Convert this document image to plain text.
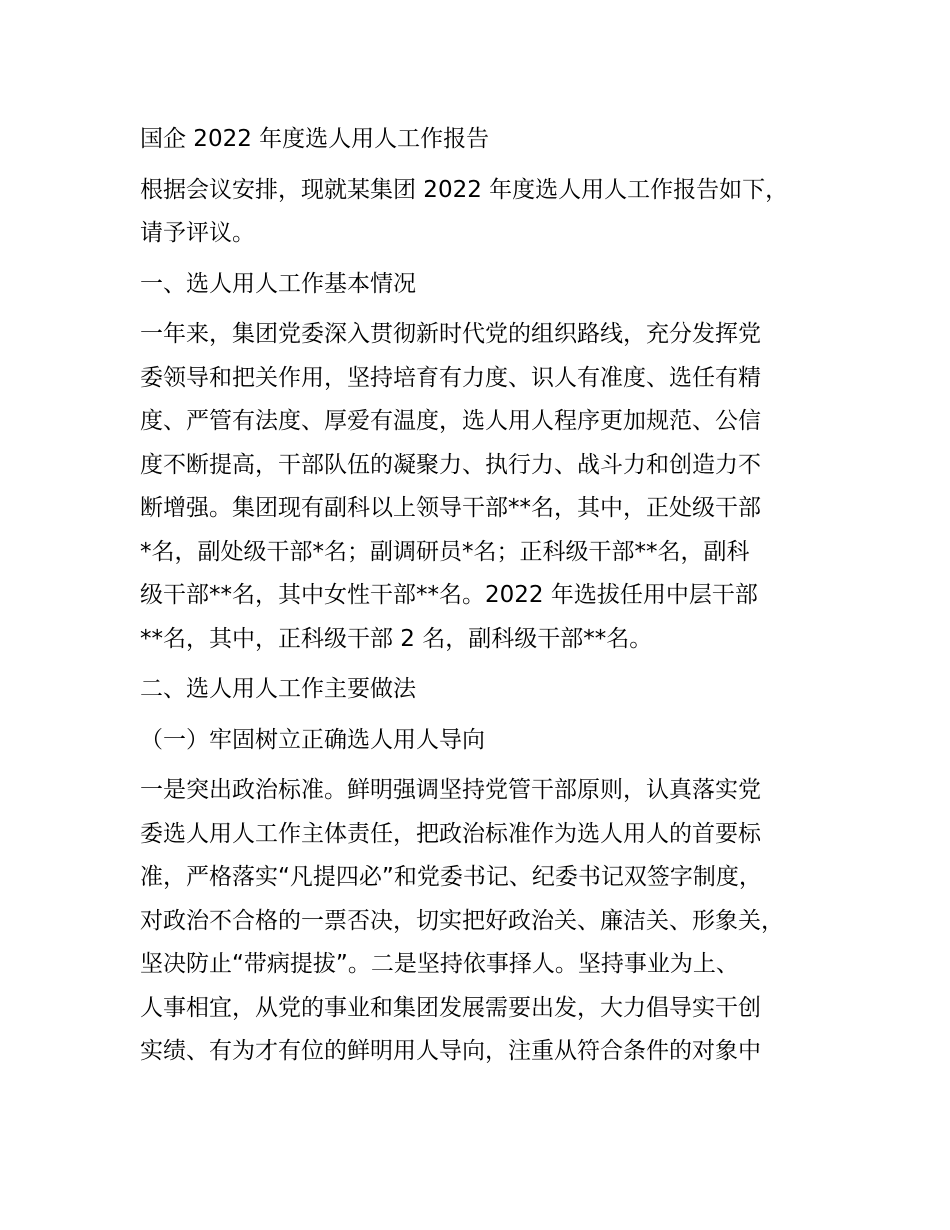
国企 2022 年度选人用人工作报告
根据会议安排，现就某集团 2022 年度选人用人工作报告如下，
请予评议。
一、选人用人工作基本情况
一年来，集团党委深入贯彻新时代党的组织路线，充分发挥党
委领导和把关作用，坚持培育有力度、识人有准度、选任有精
度、严管有法度、厚爱有温度，选人用人程序更加规范、公信
度不断提高，干部队伍的凝聚力、执行力、战斗力和创造力不
断增强。集团现有副科以上领导干部**名，其中，正处级干部
*名，副处级干部*名；副调研员*名；正科级干部**名，副科
级干部**名，其中女性干部**名。2022 年选拔任用中层干部
**名，其中，正科级干部 2 名，副科级干部**名。
二、选人用人工作主要做法
（一）牢固树立正确选人用人导向
一是突出政治标准。鲜明强调坚持党管干部原则，认真落实党
委选人用人工作主体责任，把政治标准作为选人用人的首要标
准，严格落实“凡提四必”和党委书记、纪委书记双签字制度，
对政治不合格的一票否决，切实把好政治关、廉洁关、形象关，
坚决防止“带病提拔”。二是坚持依事择人。坚持事业为上、
人事相宜，从党的事业和集团发展需要出发，大力倡导实干创
实绩、有为才有位的鲜明用人导向，注重从符合条件的对象中
